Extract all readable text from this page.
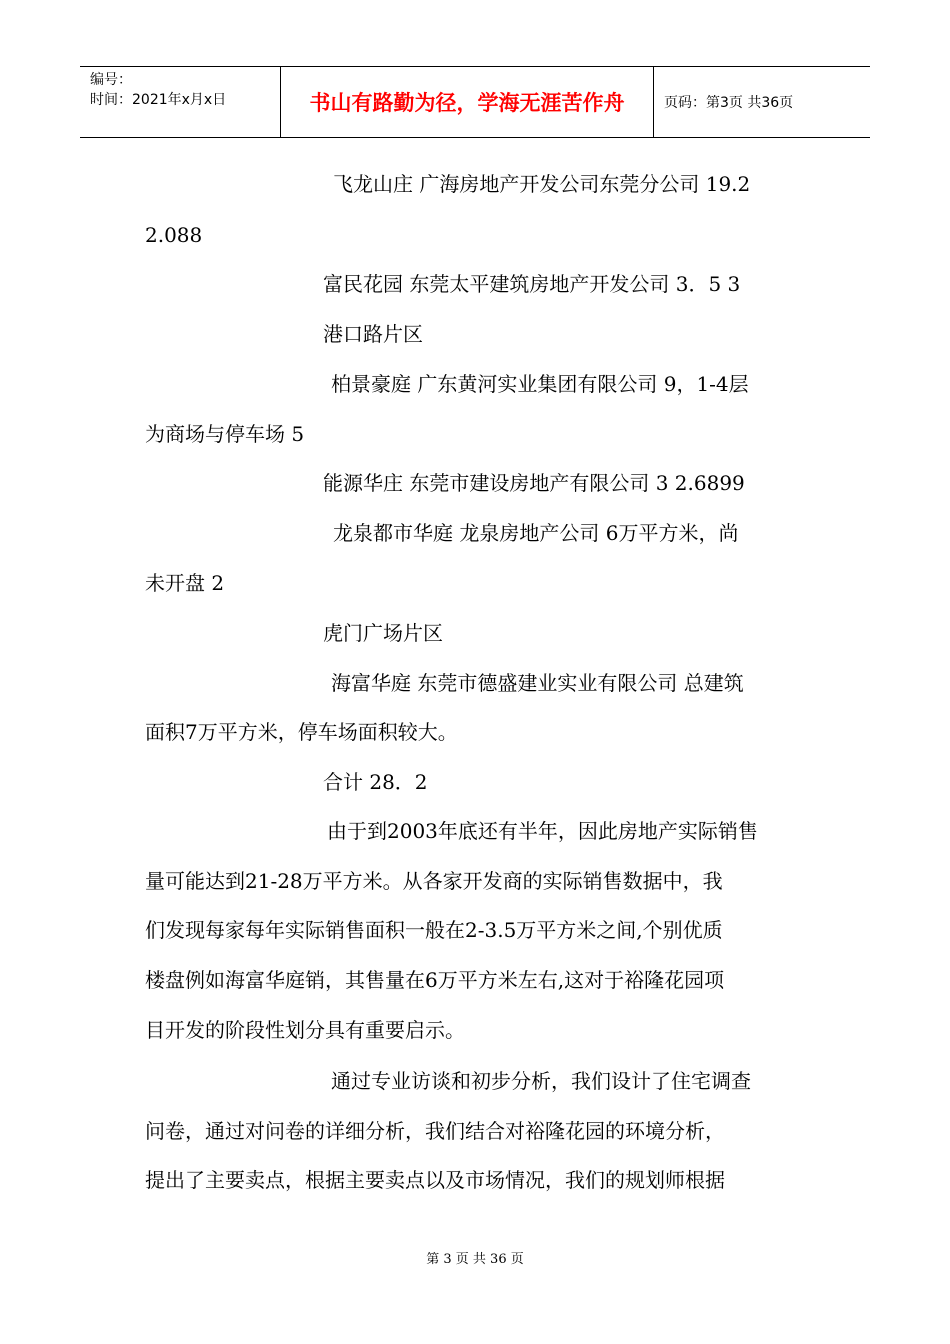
编号：
时间：2021年x月x日	书山有路勤为径，学海无涯苦作舟	页码：第3页 共36页
飞龙山庄 广海房地产开发公司东莞分公司 19.2
2.088
富民花园 东莞太平建筑房地产开发公司 3．5 3
港口路片区
柏景豪庭 广东黄河实业集团有限公司 9，1-4层
为商场与停车场 5
能源华庄 东莞市建设房地产有限公司 3 2.6899
龙泉都市华庭 龙泉房地产公司 6万平方米，尚
未开盘 2
虎门广场片区
海富华庭 东莞市德盛建业实业有限公司 总建筑
面积7万平方米，停车场面积较大。
合计 28．2
由于到2003年底还有半年，因此房地产实际销售
量可能达到21-28万平方米。从各家开发商的实际销售数据中，我
们发现每家每年实际销售面积一般在2-3.5万平方米之间,个别优质
楼盘例如海富华庭销，其售量在6万平方米左右,这对于裕隆花园项
目开发的阶段性划分具有重要启示。
通过专业访谈和初步分析，我们设计了住宅调查
问卷，通过对问卷的详细分析，我们结合对裕隆花园的环境分析，
提出了主要卖点，根据主要卖点以及市场情况，我们的规划师根据
第 3 页 共 36 页
